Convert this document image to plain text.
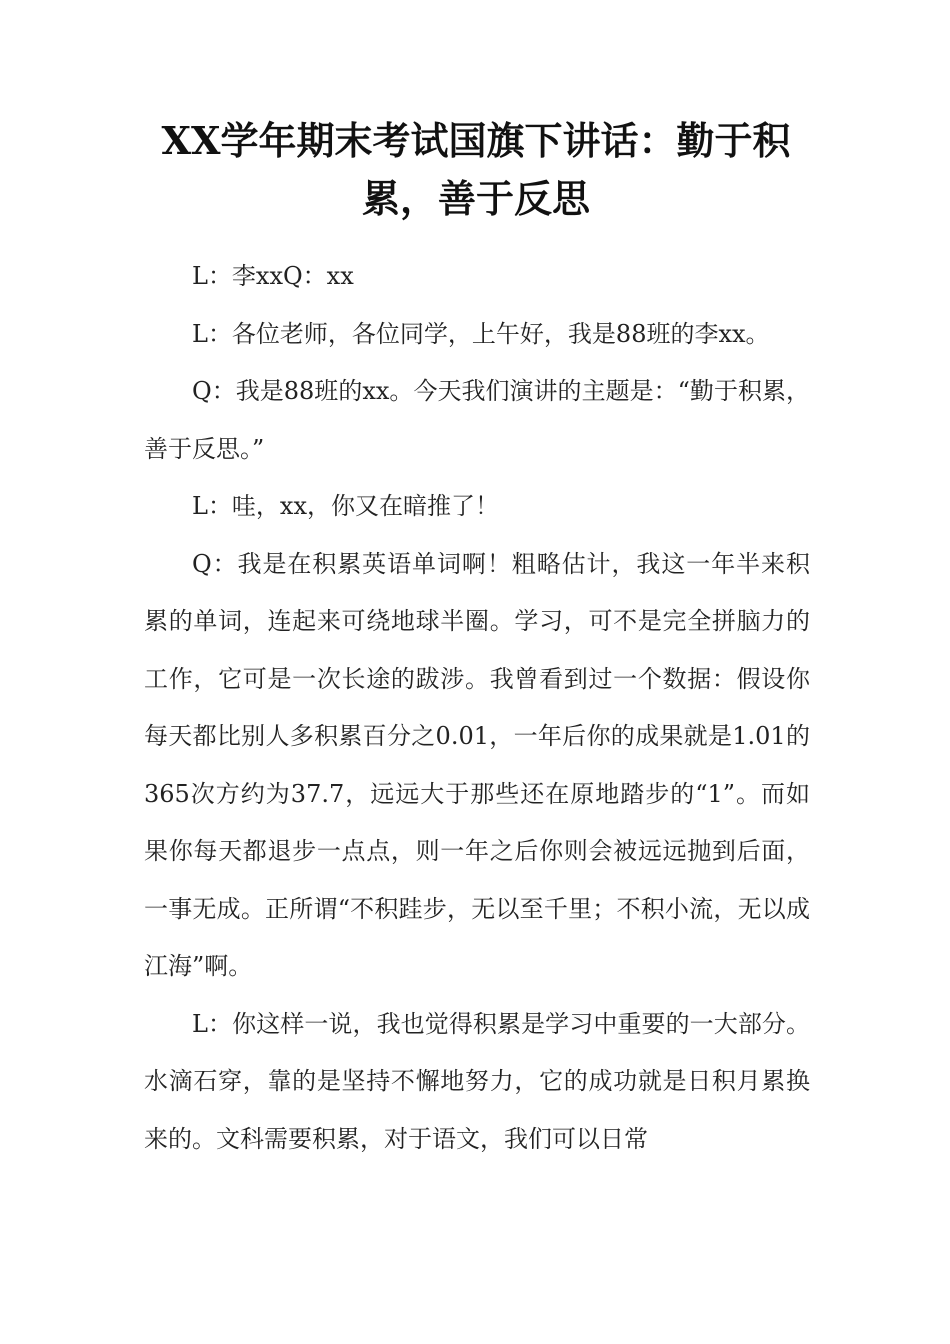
XX学年期末考试国旗下讲话：勤于积累，善于反思

L：李xxQ：xx

L：各位老师，各位同学，上午好，我是88班的李xx。

Q：我是88班的xx。今天我们演讲的主题是：“勤于积累，善于反思。”

L：哇，xx，你又在暗推了！

Q：我是在积累英语单词啊！粗略估计，我这一年半来积累的单词，连起来可绕地球半圈。学习，可不是完全拼脑力的工作，它可是一次长途的跋涉。我曾看到过一个数据：假设你每天都比别人多积累百分之0.01，一年后你的成果就是1.01的365次方约为37.7，远远大于那些还在原地踏步的“1”。而如果你每天都退步一点点，则一年之后你则会被远远抛到后面，一事无成。正所谓“不积跬步，无以至千里；不积小流，无以成江海”啊。

L：你这样一说，我也觉得积累是学习中重要的一大部分。水滴石穿，靠的是坚持不懈地努力，它的成功就是日积月累换来的。文科需要积累，对于语文，我们可以日常
